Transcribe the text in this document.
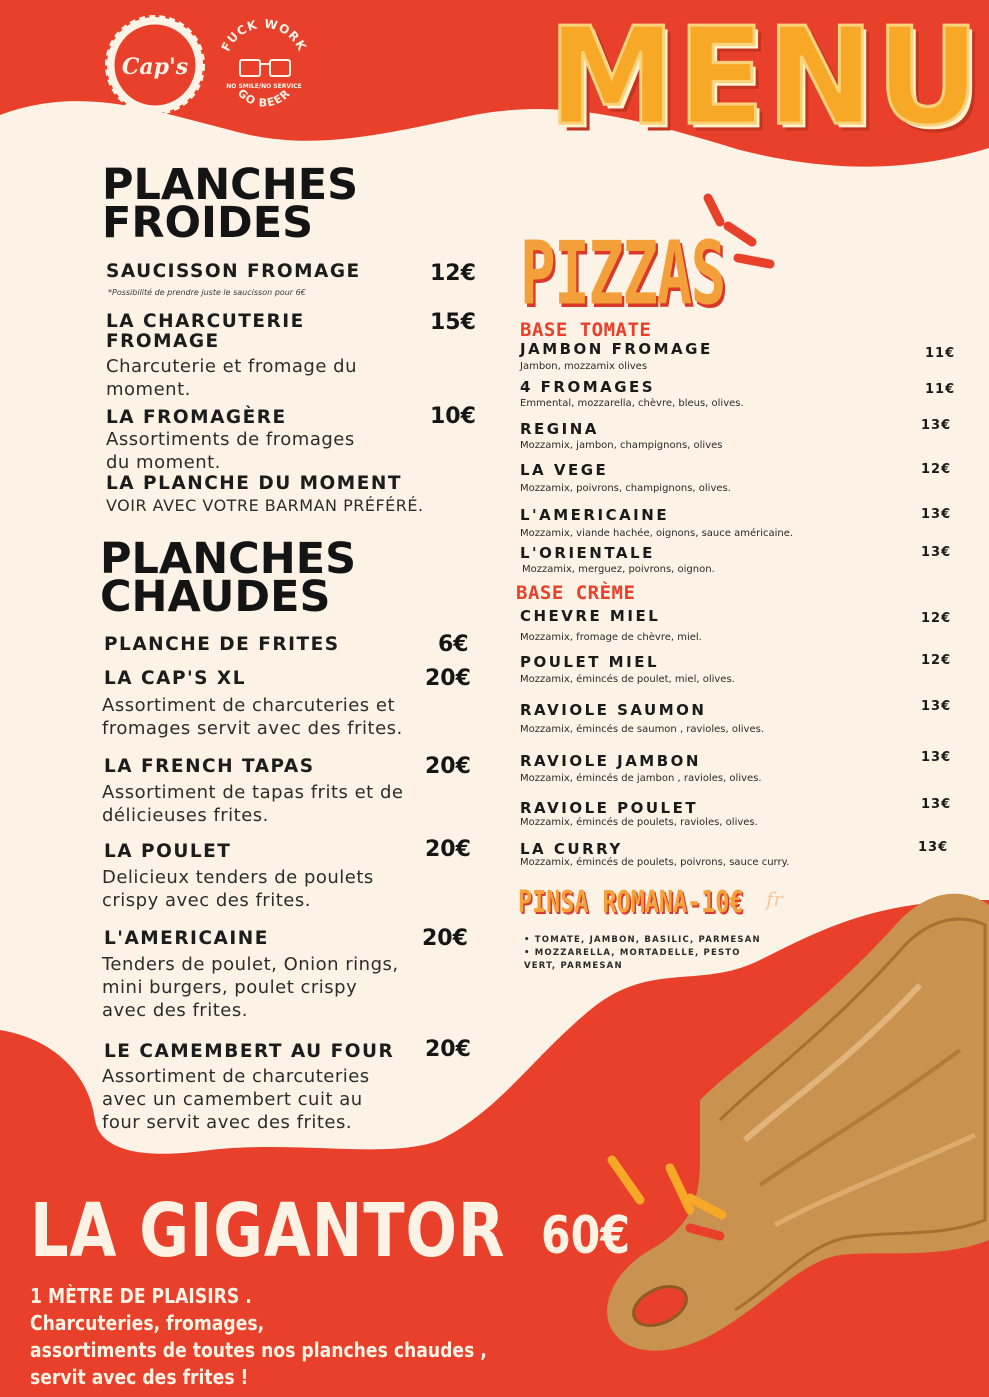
Cap's
FUCK WORK
NO SMILE/NO SERVICE
GO BEER MENU
PLANCHES
FROIDES
SAUCISSON FROMAGE	12€
*Possibilité de prendre juste le saucisson pour 6€
LA CHARCUTERIE
FROMAGE
15€
Charcuterie et fromage du
moment.
LA FROMAGÈRE	10€
Assortiments de fromages
du moment.
LA PLANCHE DU MOMENT
VOIR AVEC VOTRE BARMAN PRÉFÉRÉ.
PLANCHES
CHAUDES
PLANCHE DE FRITES	6€
LA CAP'S XL	20€
Assortiment de charcuteries et
fromages servit avec des frites.
LA FRENCH TAPAS	20€
Assortiment de tapas frits et de
délicieuses frites.
LA POULET	20€
Delicieux tenders de poulets
crispy avec des frites.
L'AMERICAINE	20€
Tenders de poulet, Onion rings,
mini burgers, poulet crispy
avec des frites.
LE CAMEMBERT AU FOUR 20€
Assortiment de charcuteries
avec un camembert cuit au
four servit avec des frites.
PIZZAS
BASE TOMATE
JAMBON FROMAGE
Jambon, mozzamix olives
11€
4 FROMAGES
Emmental, mozzarella, chèvre, bleus, olives.
11€
REGINA
Mozzamix, jambon, champignons, olives
13€
LA VEGE
Mozzamix, poivrons, champignons, olives.
12€
L'AMERICAINE
Mozzamix, viande hachée, oignons, sauce américaine.
13€
L'ORIENTALE
Mozzamix, merguez, poivrons, oignon.
13€
BASE CRÈME
CHEVRE MIEL
Mozzamix, fromage de chèvre, miel.
12€
POULET MIEL
Mozzamix, émincés de poulet, miel, olives.
12€
RAVIOLE SAUMON
Mozzamix, émincés de saumon , ravioles, olives.
13€
RAVIOLE JAMBON
Mozzamix, émincés de jambon , ravioles, olives.
13€
RAVIOLE POULET
Mozzamix, émincés de poulets, ravioles, olives.
13€
LA CURRY
Mozzamix, émincés de poulets, poivrons, sauce curry.
13€
PINSA ROMANA-10€ fr
• TOMATE, JAMBON, BASILIC, PARMESAN
• MOZZARELLA, MORTADELLE, PESTO
VERT, PARMESAN
LA GIGANTOR 60€
1 MÈTRE DE PLAISIRS .
Charcuteries, fromages,
assortiments de toutes nos planches chaudes ,
servit avec des frites !
